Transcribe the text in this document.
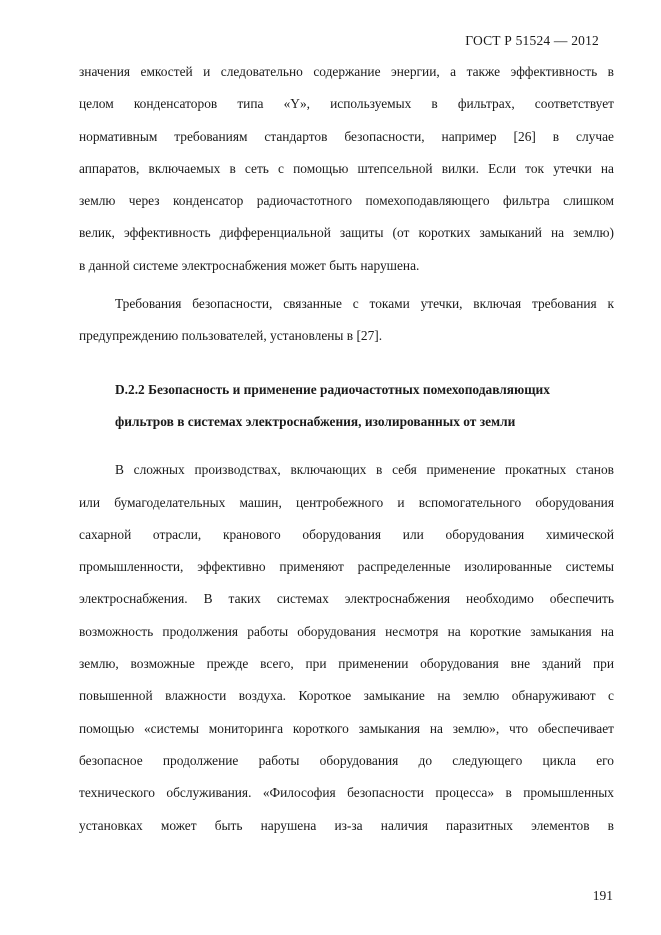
ГОСТ Р 51524 — 2012
значения емкостей и следовательно содержание энергии, а также эффективность в
целом конденсаторов типа «Y», используемых в фильтрах, соответствует
нормативным требованиям стандартов безопасности, например [26] в случае
аппаратов, включаемых в сеть с помощью штепсельной вилки. Если ток утечки на
землю через конденсатор радиочастотного помехоподавляющего фильтра слишком
велик, эффективность дифференциальной защиты (от коротких замыканий на землю)
в данной системе электроснабжения может быть нарушена.
Требования безопасности, связанные с токами утечки, включая требования к
предупреждению пользователей, установлены в [27].
D.2.2 Безопасность и применение радиочастотных помехоподавляющих
фильтров в системах электроснабжения, изолированных от земли
В сложных производствах, включающих в себя применение прокатных станов
или бумагоделательных машин, центробежного и вспомогательного оборудования
сахарной отрасли, кранового оборудования или оборудования химической
промышленности, эффективно применяют распределенные изолированные системы
электроснабжения. В таких системах электроснабжения необходимо обеспечить
возможность продолжения работы оборудования несмотря на короткие замыкания на
землю, возможные прежде всего, при применении оборудования вне зданий при
повышенной влажности воздуха. Короткое замыкание на землю обнаруживают с
помощью «системы мониторинга короткого замыкания на землю», что обеспечивает
безопасное продолжение работы оборудования до следующего цикла его
технического обслуживания. «Философия безопасности процесса» в промышленных
установках может быть нарушена из-за наличия паразитных элементов в
191
